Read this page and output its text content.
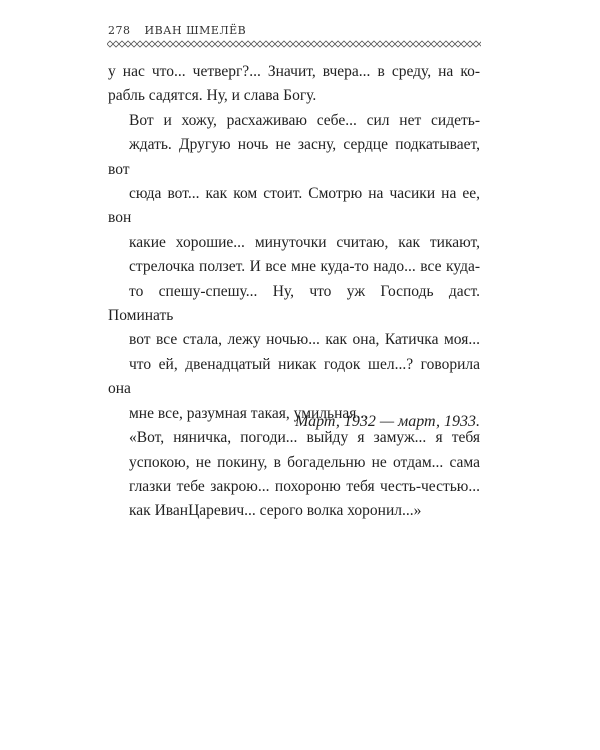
278 ИВАН ШМЕЛЁВ

у нас что... четверг?... Значит, вчера... в среду, на ко-
рабль садятся. Ну, и слава Богу.

Вот и хожу, расхаживаю себе... сил нет сидеть-
ждать. Другую ночь не засну, сердце подкатывает, вот
сюда вот... как ком стоит. Смотрю на часики на ее, вон
какие хорошие... минуточки считаю, как тикают,
стрелочка ползет. И все мне куда-то надо... все куда-
то спешу-спешу... Ну, что уж Господь даст. Поминать
вот все стала, лежу ночью... как она, Катичка моя...
что ей, двенадцатый никак годок шел...? говорила она
мне все, разумная такая, умильная...

«Вот, няничка, погоди... выйду я замуж... я тебя
успокою, не покину, в богадельню не отдам... сама
глазки тебе закрою... похороню тебя честь-честью...
как ИванЦаревич... серого волка хоронил...»

Март, 1932 — март, 1933.
